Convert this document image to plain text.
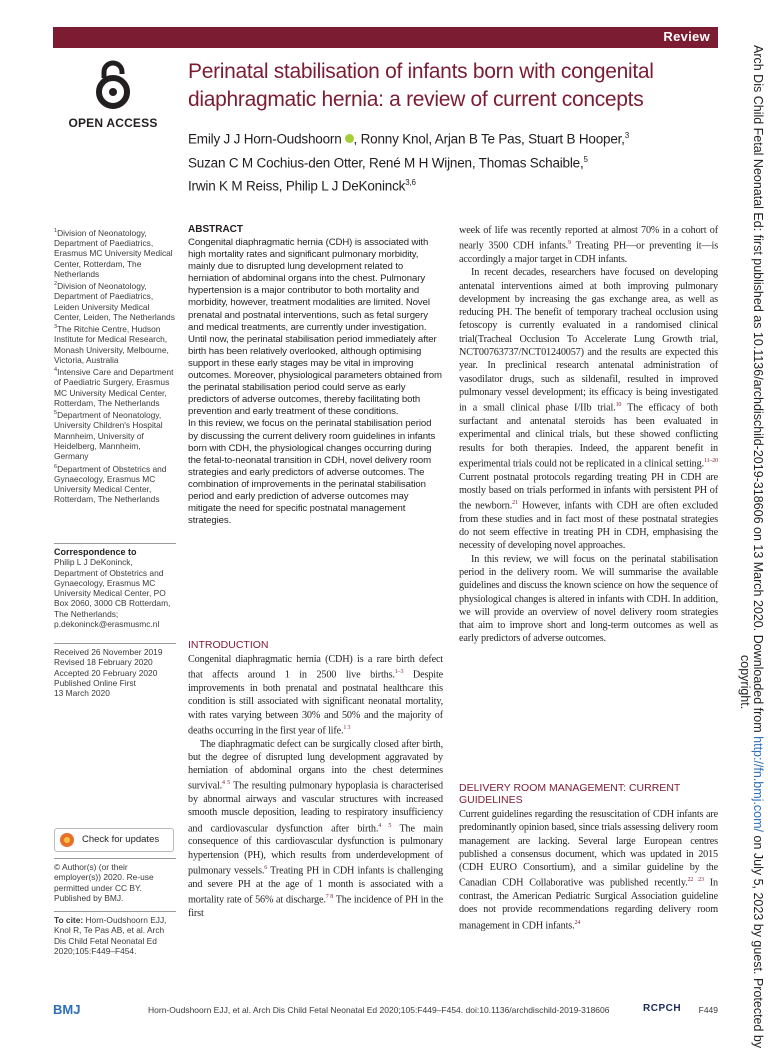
Review
OPEN ACCESS
Perinatal stabilisation of infants born with congenital diaphragmatic hernia: a review of current concepts

Emily J J Horn-Oudshoorn , Ronny Knol, Arjan B Te Pas, Stuart B Hooper,$^3$
Suzan C M Cochius-den Otter, René M H Wijnen, Thomas Schaible,$^5$
Irwin K M Reiss, Philip L J DeKoninck$^{3,6}$

$^1$Division of Neonatology, Department of Paediatrics, Erasmus MC University Medical Center, Rotterdam, The Netherlands

$^2$Division of Neonatology, Department of Paediatrics, Leiden University Medical Center, Leiden, The Netherlands

$^3$The Ritchie Centre, Hudson Institute for Medical Research, Monash University, Melbourne, Victoria, Australia

$^4$Intensive Care and Department of Paediatric Surgery, Erasmus MC University Medical Center, Rotterdam, The Netherlands

$^5$Department of Neonatology, University Children's Hospital Mannheim, University of Heidelberg, Mannheim, Germany

$^6$Department of Obstetrics and Gynaecology, Erasmus MC University Medical Center, Rotterdam, The Netherlands

Correspondence to
Philip L J DeKoninck, Department of Obstetrics and Gynaecology, Erasmus MC University Medical Center, PO Box 2060, 3000 CB Rotterdam, The Netherlands; p.dekoninck@erasmusmc.nl
Received 26 November 2019
Revised 18 February 2020
Accepted 20 February 2020
Published Online First
13 March 2020
Check for updates
© Author(s) (or their employer(s)) 2020. Re-use permitted under CC BY. Published by BMJ.
To cite: Horn-Oudshoorn EJJ, Knol R, Te Pas AB, et al. Arch Dis Child Fetal Neonatal Ed 2020;105:F449–F454.
ABSTRACT

Congenital diaphragmatic hernia (CDH) is associated with high mortality rates and significant pulmonary morbidity, mainly due to disrupted lung development related to herniation of abdominal organs into the chest. Pulmonary hypertension is a major contributor to both mortality and morbidity, however, treatment modalities are limited. Novel prenatal and postnatal interventions, such as fetal surgery and medical treatments, are currently under investigation. Until now, the perinatal stabilisation period immediately after birth has been relatively overlooked, although optimising support in these early stages may be vital in improving outcomes. Moreover, physiological parameters obtained from the perinatal stabilisation period could serve as early predictors of adverse outcomes, thereby facilitating both prevention and early treatment of these conditions.

In this review, we focus on the perinatal stabilisation period by discussing the current delivery room guidelines in infants born with CDH, the physiological changes occurring during the fetal-to-neonatal transition in CDH, novel delivery room strategies and early predictors of adverse outcomes. The combination of improvements in the perinatal stabilisation period and early prediction of adverse outcomes may mitigate the need for specific postnatal management strategies.

INTRODUCTION

Congenital diaphragmatic hernia (CDH) is a rare birth defect that affects around 1 in 2500 live births.$^{1-3}$ Despite improvements in both prenatal and postnatal healthcare this condition is still associated with significant neonatal mortality, with rates varying between 30% and 50% and the majority of deaths occurring in the first year of life.$^{1 3}$

The diaphragmatic defect can be surgically closed after birth, but the degree of disrupted lung development aggravated by herniation of abdominal organs into the chest determines survival.$^{4 5}$ The resulting pulmonary hypoplasia is characterised by abnormal airways and vascular structures with increased smooth muscle deposition, leading to respiratory insufficiency and cardiovascular dysfunction after birth.$^{4 5}$ The main consequence of this cardiovascular dysfunction is pulmonary hypertension (PH), which results from underdevelopment of pulmonary vessels.$^6$ Treating PH in CDH infants is challenging and severe PH at the age of 1 month is associated with a mortality rate of 56% at discharge.$^{7 8}$ The incidence of PH in the first

week of life was recently reported at almost 70% in a cohort of nearly 3500 CDH infants.$^9$ Treating PH—or preventing it—is accordingly a major target in CDH infants.

In recent decades, researchers have focused on developing antenatal interventions aimed at both improving pulmonary development by increasing the gas exchange area, as well as reducing PH. The benefit of temporary tracheal occlusion using fetoscopy is currently evaluated in a randomised clinical trial(Tracheal Occlusion To Accelerate Lung Growth trial, NCT00763737/NCT01240057) and the results are expected this year. In preclinical research antenatal administration of vasodilator drugs, such as sildenafil, resulted in improved pulmonary vessel development; its efficacy is being investigated in a small clinical phase I/IIb trial.$^{10}$ The efficacy of both surfactant and antenatal steroids has been evaluated in experimental and clinical trials, but these showed conflicting results for both therapies. Indeed, the apparent benefit in experimental trials could not be replicated in a clinical setting.$^{11-20}$ Current postnatal protocols regarding treating PH in CDH are mostly based on trials performed in infants with persistent PH of the newborn.$^{21}$ However, infants with CDH are often excluded from these studies and in fact most of these postnatal strategies do not seem effective in treating PH in CDH, emphasising the necessity of developing novel approaches.

In this review, we will focus on the perinatal stabilisation period in the delivery room. We will summarise the available guidelines and discuss the known science on how the sequence of physiological changes is altered in infants with CDH. In addition, we will provide an overview of novel delivery room strategies that aim to improve short and long-term outcomes as well as early predictors of adverse outcomes.

DELIVERY ROOM MANAGEMENT: CURRENT GUIDELINES

Current guidelines regarding the resuscitation of CDH infants are predominantly opinion based, since trials assessing delivery room management are lacking. Several large European centres published a consensus document, which was updated in 2015 (CDH EURO Consortium), and a similar guideline by the Canadian CDH Collaborative was published recently.$^{22 23}$ In contrast, the American Pediatric Surgical Association guideline does not provide recommendations regarding delivery room management in CDH infants.$^{24}$

BMJ	Horn-Oudshoorn EJJ, et al. Arch Dis Child Fetal Neonatal Ed 2020;105:F449–F454. doi:10.1136/archdischild-2019-318606	RCPCH F449
Arch Dis Child Fetal Neonatal Ed: first published as 10.1136/archdischild-2019-318606 on 13 March 2020. Downloaded from http://fn.bmj.com/ on July 5, 2023 by guest. Protected by
copyright.
